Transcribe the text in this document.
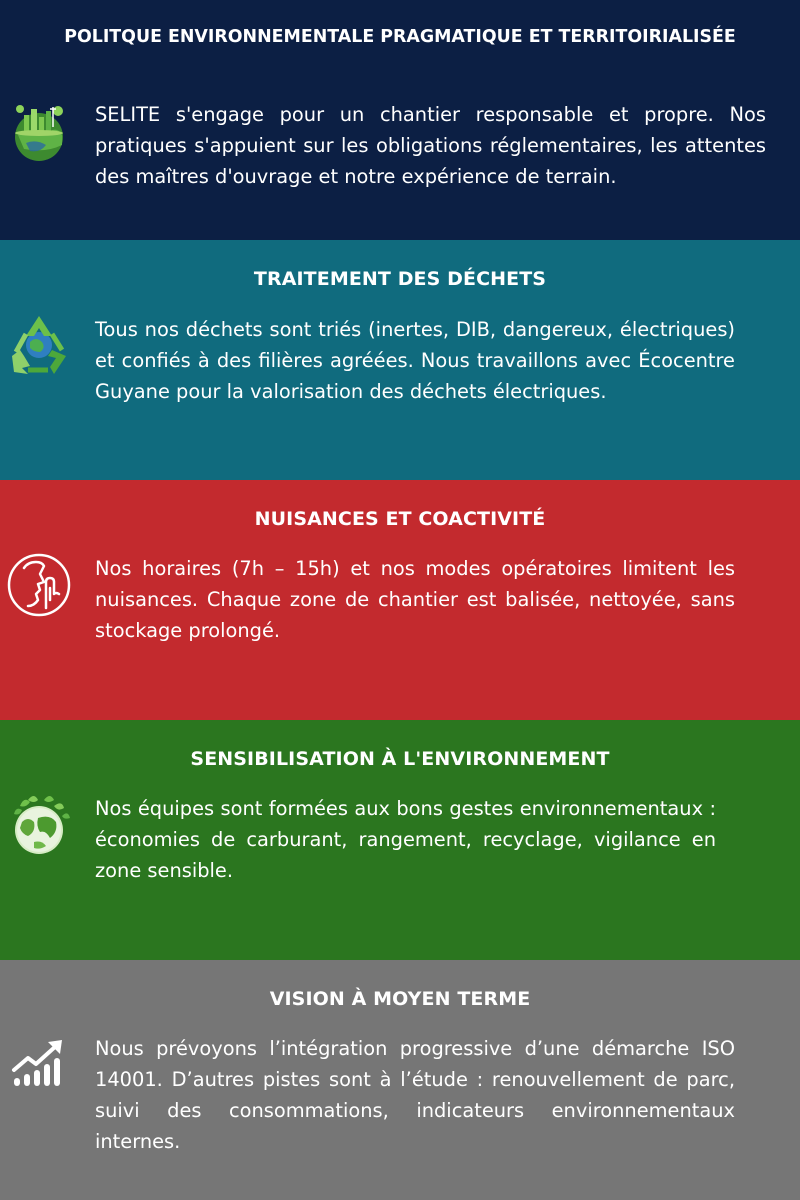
POLITQUE ENVIRONNEMENTALE PRAGMATIQUE ET TERRITOIRIALISÉE
SELITE s'engage pour un chantier responsable et propre. Nos pratiques s'appuient sur les obligations réglementaires, les attentes des maîtres d'ouvrage et notre expérience de terrain.
TRAITEMENT DES DÉCHETS
Tous nos déchets sont triés (inertes, DIB, dangereux, électriques) et confiés à des filières agréées. Nous travaillons avec Écocentre Guyane pour la valorisation des déchets électriques.
NUISANCES ET COACTIVITÉ
Nos horaires (7h – 15h) et nos modes opératoires limitent les nuisances. Chaque zone de chantier est balisée, nettoyée, sans stockage prolongé.
SENSIBILISATION À L'ENVIRONNEMENT
Nos équipes sont formées aux bons gestes environnementaux : économies de carburant, rangement, recyclage, vigilance en zone sensible.
VISION À MOYEN TERME
Nous prévoyons l’intégration progressive d’une démarche ISO 14001. D’autres pistes sont à l’étude : renouvellement de parc, suivi des consommations, indicateurs environnementaux internes.
